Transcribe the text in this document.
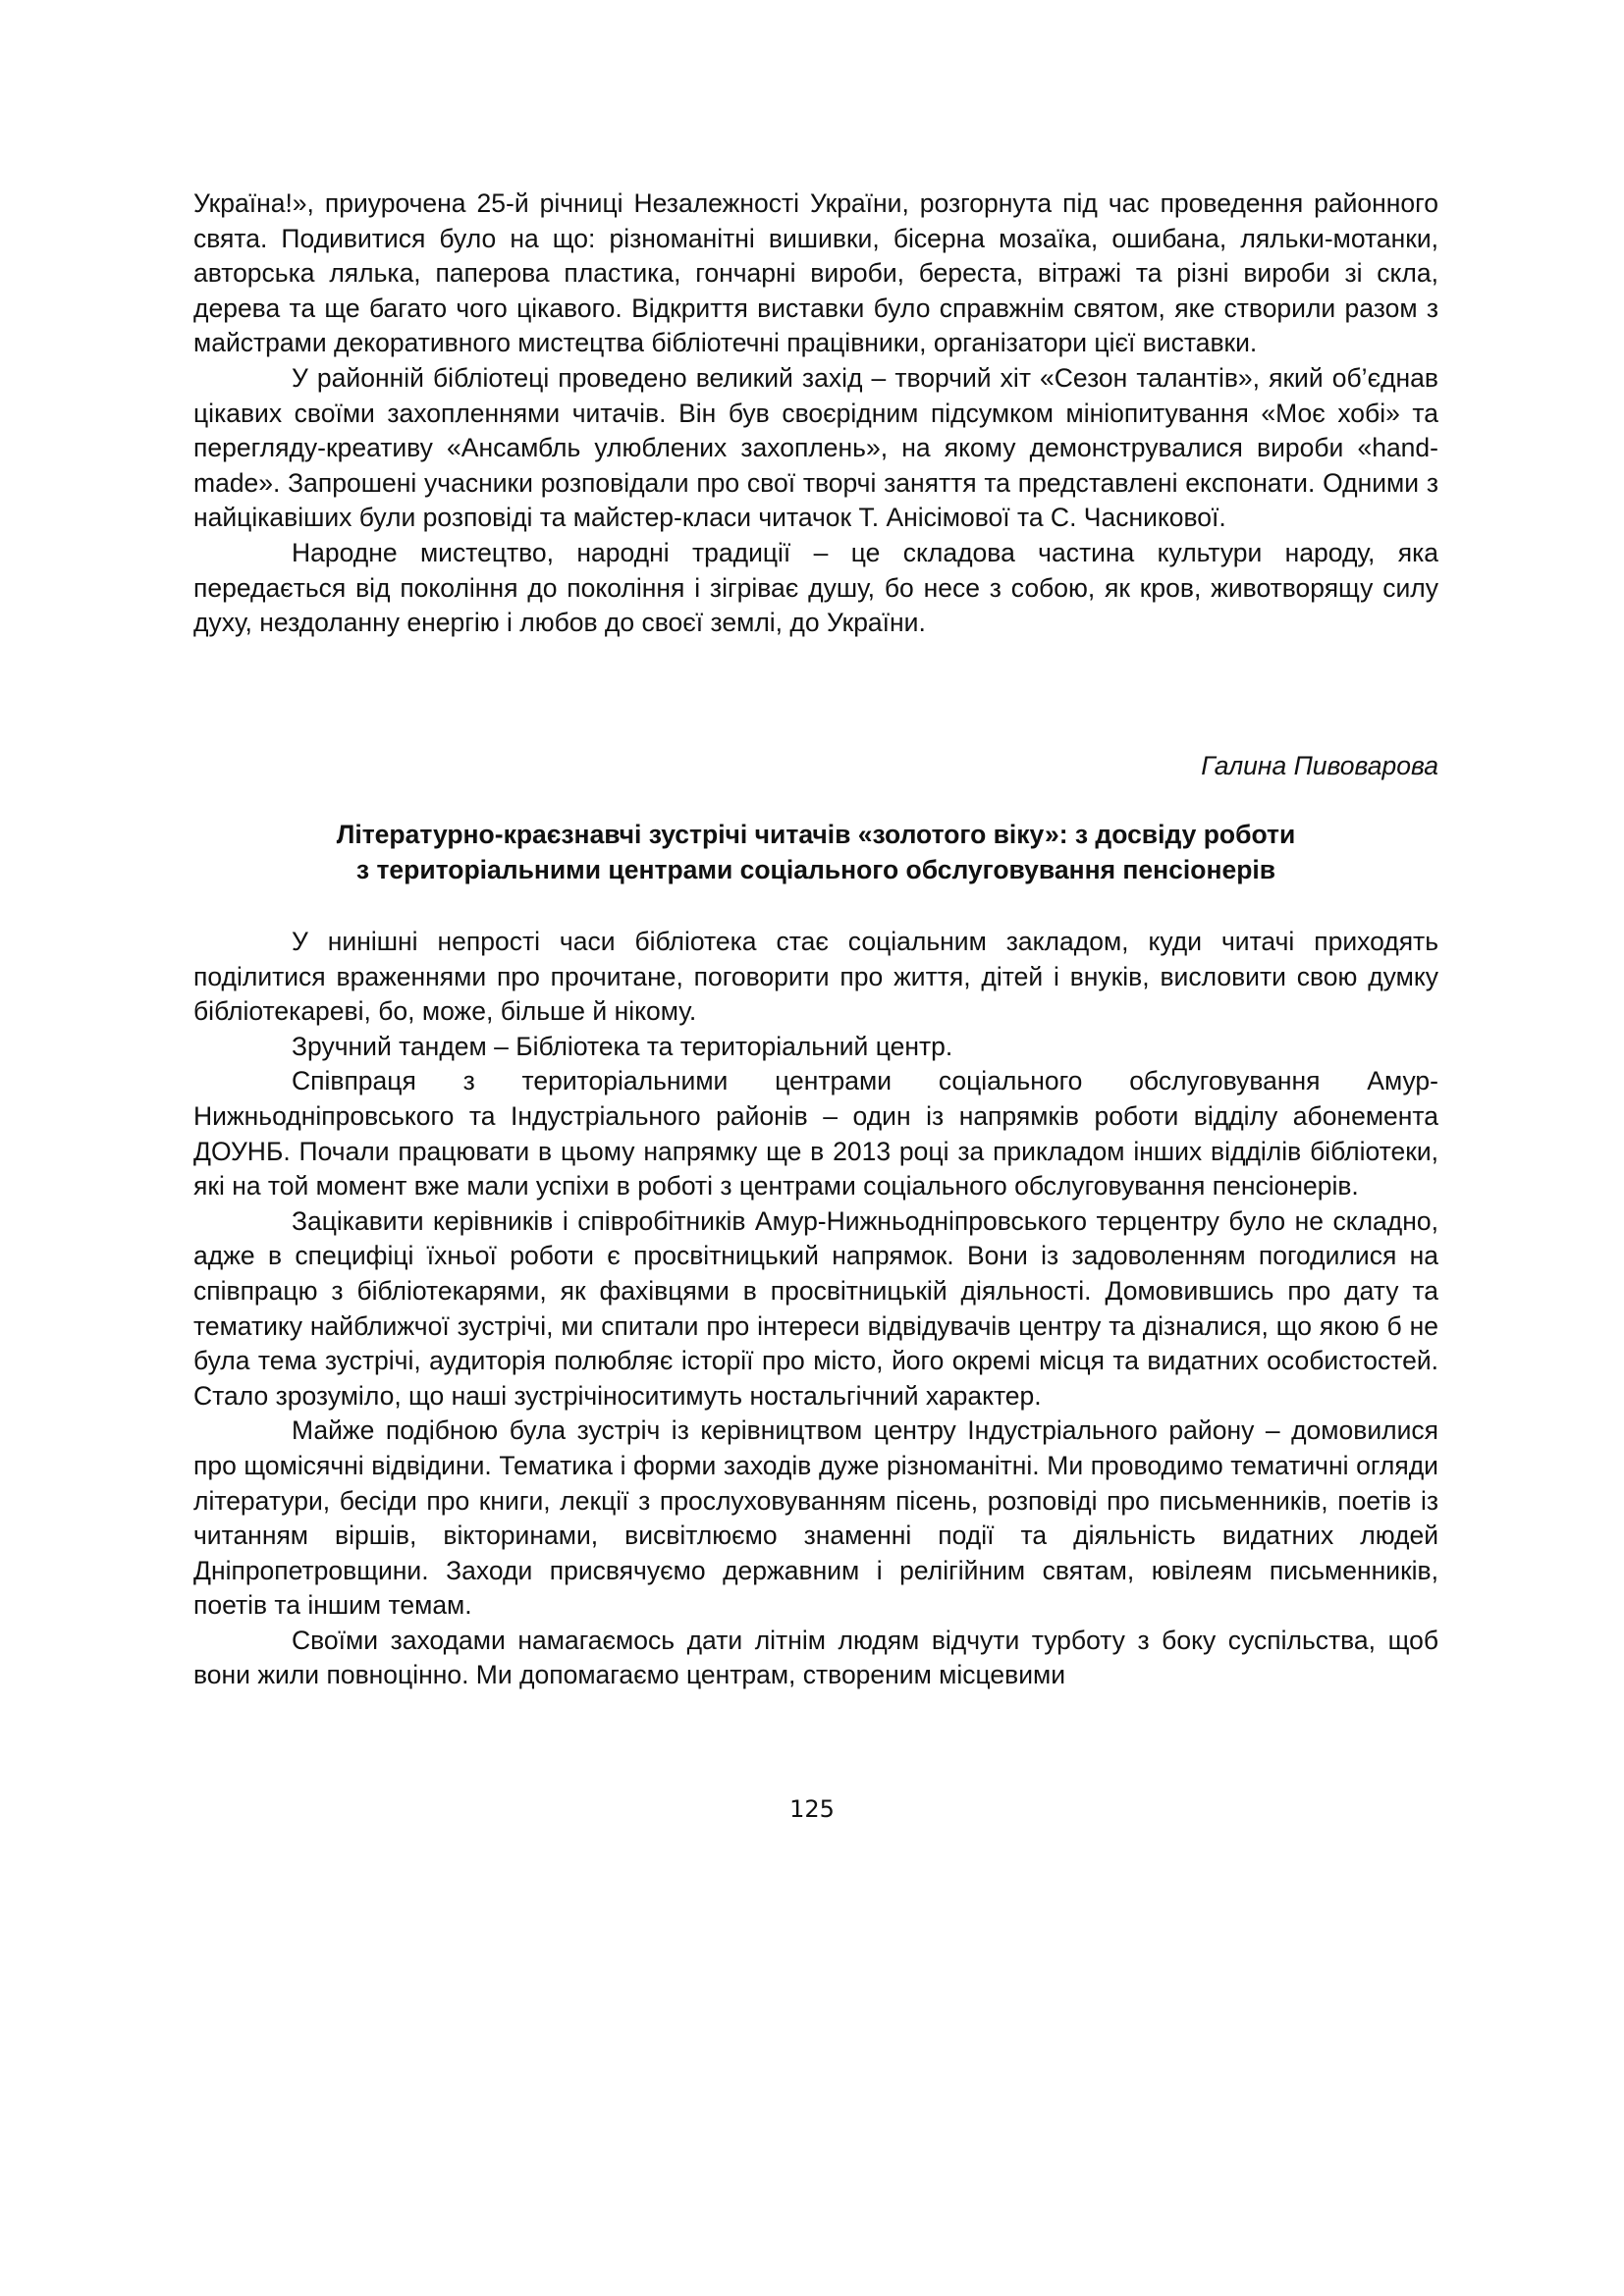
Україна!», приурочена 25-й річниці Незалежності України, розгорнута під час проведення районного свята. Подивитися було на що: різноманітні вишивки, бісерна мозаїка, ошибана, ляльки-мотанки, авторська лялька, паперова пластика, гончарні вироби, береста, вітражі та різні вироби зі скла, дерева та ще багато чого цікавого. Відкриття виставки було справжнім святом, яке створили разом з майстрами декоративного мистецтва бібліотечні працівники, організатори цієї виставки.

У районній бібліотеці проведено великий захід – творчий хіт «Сезон талантів», який об’єднав цікавих своїми захопленнями читачів. Він був своєрідним підсумком мініопитування «Моє хобі» та перегляду-креативу «Ансамбль улюблених захоплень», на якому демонструвалися вироби «hand-made». Запрошені учасники розповідали про свої творчі заняття та представлені експонати. Одними з найцікавіших були розповіді та майстер-класи читачок Т. Анісімової та С. Часникової.

Народне мистецтво, народні традиції – це складова частина культури народу, яка передається від покоління до покоління і зігріває душу, бо несе з собою, як кров, животворящу силу духу, нездоланну енергію і любов до своєї землі, до України.

Галина Пивоварова

Літературно-краєзнавчі зустрічі читачів «золотого віку»: з досвіду роботи
з територіальними центрами соціального обслуговування пенсіонерів

У нинішні непрості часи бібліотека стає соціальним закладом, куди читачі приходять поділитися враженнями про прочитане, поговорити про життя, дітей і внуків, висловити свою думку бібліотекареві, бо, може, більше й нікому.

Зручний тандем – Бібліотека та територіальний центр.

Співпраця з територіальними центрами соціального обслуговування Амур-Нижньодніпровського та Індустріального районів – один із напрямків роботи відділу абонемента ДОУНБ. Почали працювати в цьому напрямку ще в 2013 році за прикладом інших відділів бібліотеки, які на той момент вже мали успіхи в роботі з центрами соціального обслуговування пенсіонерів.

Зацікавити керівників і співробітників Амур-Нижньодніпровського терцентру було не складно, адже в специфіці їхньої роботи є просвітницький напрямок. Вони із задоволенням погодилися на співпрацю з бібліотекарями, як фахівцями в просвітницькій діяльності. Домовившись про дату та тематику найближчої зустрічі, ми спитали про інтереси відвідувачів центру та дізналися, що якою б не була тема зустрічі, аудиторія полюбляє історії про місто, його окремі місця та видатних особистостей. Стало зрозуміло, що наші зустрічіноситимуть ностальгічний характер.

Майже подібною була зустріч із керівництвом центру Індустріального району – домовилися про щомісячні відвідини. Тематика і форми заходів дуже різноманітні. Ми проводимо тематичні огляди літератури, бесіди про книги, лекції з прослуховуванням пісень, розповіді про письменників, поетів із читанням віршів, вікторинами, висвітлюємо знаменні події та діяльність видатних людей Дніпропетровщини. Заходи присвячуємо державним і релігійним святам, ювілеям письменників, поетів та іншим темам.

Своїми заходами намагаємось дати літнім людям відчути турботу з боку суспільства, щоб вони жили повноцінно. Ми допомагаємо центрам, створеним місцевими

125
